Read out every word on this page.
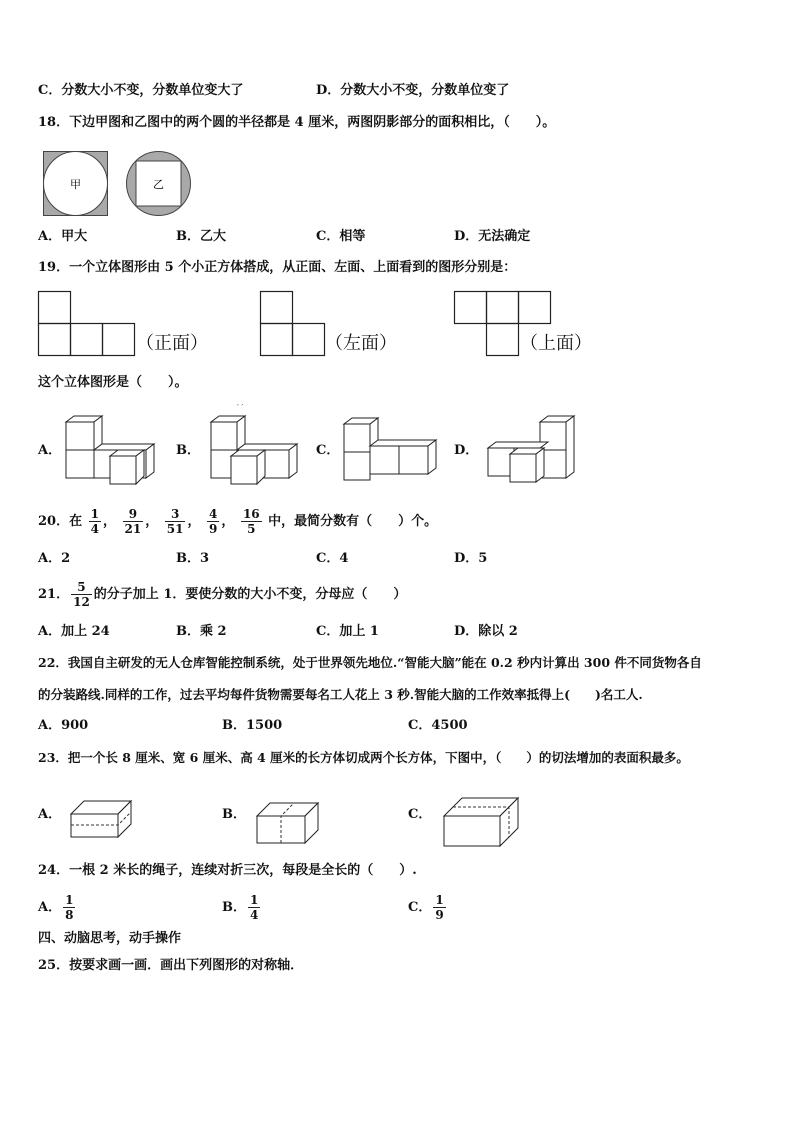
C．分数大小不变，分数单位变大了	D．分数大小不变，分数单位变了
18．下边甲图和乙图中的两个圆的半径都是 4 厘米，两图阴影部分的面积相比，（　　）。
甲	乙
A．甲大	B．乙大	C．相等	D．无法确定
19．一个立体图形由 5 个小正方体搭成，从正面、左面、上面看到的图形分别是：
（正面）	（左面）	（上面）
这个立体图形是（　　）。
A．	B．
′ ′
C．	D．
20．在 $\frac{1}{4}$ ， $\frac{9}{21}$ ， $\frac{3}{51}$ ， $\frac{4}{9}$ ， $\frac{16}{5}$ 中，最简分数有（　　）个。
A．2	B．3	C．4	D．5
21． $\frac{5}{12}$ 的分子加上 1．要使分数的大小不变，分母应（　　）
A．加上 24	B．乘 2	C．加上 1	D．除以 2
22．我国自主研发的无人仓库智能控制系统，处于世界领先地位.“智能大脑”能在 0.2 秒内计算出 300 件不同货物各自
的分装路线.同样的工作，过去平均每件货物需要每名工人花上 3 秒.智能大脑的工作效率抵得上(　　)名工人.
A．900	B．1500	C．4500
23．把一个长 8 厘米、宽 6 厘米、高 4 厘米的长方体切成两个长方体，下图中，（　　）的切法增加的表面积最多。
A．	B．	C．
24．一根 2 米长的绳子，连续对折三次，每段是全长的（　　）.
A． $\frac{1}{8}$	B． $\frac{1}{4}$	C． $\frac{1}{9}$
四、动脑思考，动手操作
25．按要求画一画．画出下列图形的对称轴．
